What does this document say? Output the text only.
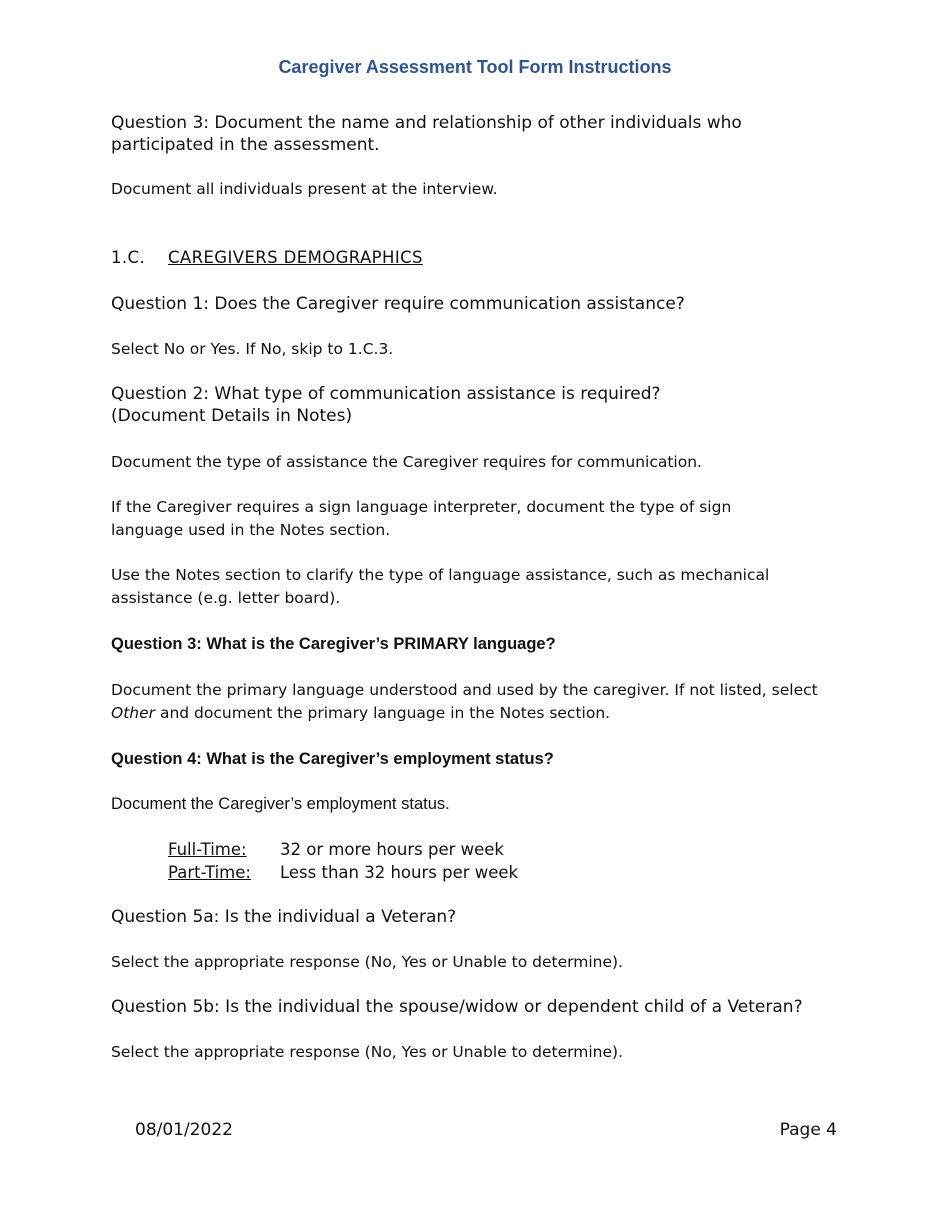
Caregiver Assessment Tool Form Instructions

Question 3: Document the name and relationship of other individuals who participated in the assessment.

Document all individuals present at the interview.

1.C. CAREGIVERS DEMOGRAPHICS

Question 1: Does the Caregiver require communication assistance?

Select No or Yes. If No, skip to 1.C.3.

Question 2: What type of communication assistance is required?

(Document Details in Notes)

Document the type of assistance the Caregiver requires for communication.

If the Caregiver requires a sign language interpreter, document the type of sign language used in the Notes section.

Use the Notes section to clarify the type of language assistance, such as mechanical assistance (e.g. letter board).

Question 3: What is the Caregiver’s PRIMARY language?

Document the primary language understood and used by the caregiver. If not listed, select Other and document the primary language in the Notes section.

Question 4: What is the Caregiver’s employment status?

Document the Caregiver’s employment status.

Full-Time:	32 or more hours per week
Part-Time:	Less than 32 hours per week

Question 5a: Is the individual a Veteran?

Select the appropriate response (No, Yes or Unable to determine).

Question 5b: Is the individual the spouse/widow or dependent child of a Veteran?

Select the appropriate response (No, Yes or Unable to determine).

08/01/2022	Page 4
